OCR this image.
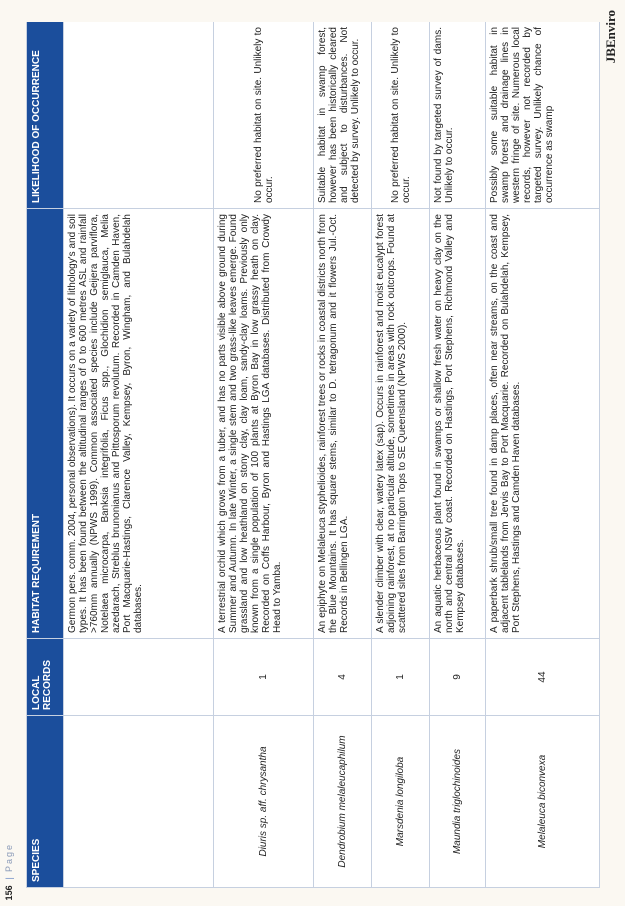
JBEnviro
156 | Page SPECIES	LOCAL RECORDS	HABITAT REQUIREMENT	LIKELIHOOD OF OCCURRENCE
		Germon pers. comm. 2004, personal observations). It occurs on a variety of lithology's and soil types. It has been found between the altitudinal ranges of 0 to 600 metres ASL and rainfall >760mm annually (NPWS 1999). Common associated species include Geijera parviflora, Notelaea microcarpa, Banksia integrifolia, Ficus spp., Glochidion semiglauca, Melia azedarach, Streblus brunonianus and Pittosporum revolutum. Recorded in Camden Haven, Port Macquarie-Hastings, Clarence Valley, Kempsey, Byron, Wingham, and Bulahdelah databases.	
Diuris sp. aff. chrysantha	1	A terrestrial orchid which grows from a tuber, and has no parts visible above ground during Summer and Autumn. In late Winter, a single stem and two grass-like leaves emerge. Found grassland and low heathland on stony clay, clay loam, sandy-clay loams. Previously only known from a single population of 100 plants at Byron Bay in low grassy heath on clay. Recorded on Coffs Harbour, Byron and Hastings LGA databases. Distributed from Crowdy Head to Yamba.	No preferred habitat on site. Unlikely to occur.
Dendrobium melaleucaphilum	4	An epiphyte on Melaleuca styphelioides, rainforest trees or rocks in coastal districts north from the Blue Mountains. It has square stems, similar to D. tetragonum and it flowers Jul.-Oct. Records in Bellingen LGA.	Suitable habitat in swamp forest, however has been historically cleared and subject to disturbances. Not detected by survey. Unlikely to occur.
Marsdenia longiloba	1	A slender climber with clear, watery latex (sap). Occurs in rainforest and moist eucalypt forest adjoining rainforest, at no particular altitude, sometimes in areas with rock outcrops. Found at scattered sites from Barrington Tops to SE Queensland (NPWS 2000).	No preferred habitat on site. Unlikely to occur.
Maundia triglochinoides	9	An aquatic herbaceous plant found in swamps or shallow fresh water on heavy clay on the north and central NSW coast. Recorded on Hastings, Port Stephens, Richmond Valley and Kempsey databases.	Not found by targeted survey of dams. Unlikely to occur.
Melaleuca biconvexa	44	A paperbark shrub/small tree found in damp places, often near streams, on the coast and adjacent tablelands from Jervis Bay to Port Macquarie. Recorded on Bulahdelah, Kempsey, Port Stephens, Hastings and Camden Haven databases.	Possibly some suitable habitat in swamp forest and drainage lines in western fringe of site. Numerous local records, however not recorded by targeted survey. Unlikely chance of occurrence as swamp
